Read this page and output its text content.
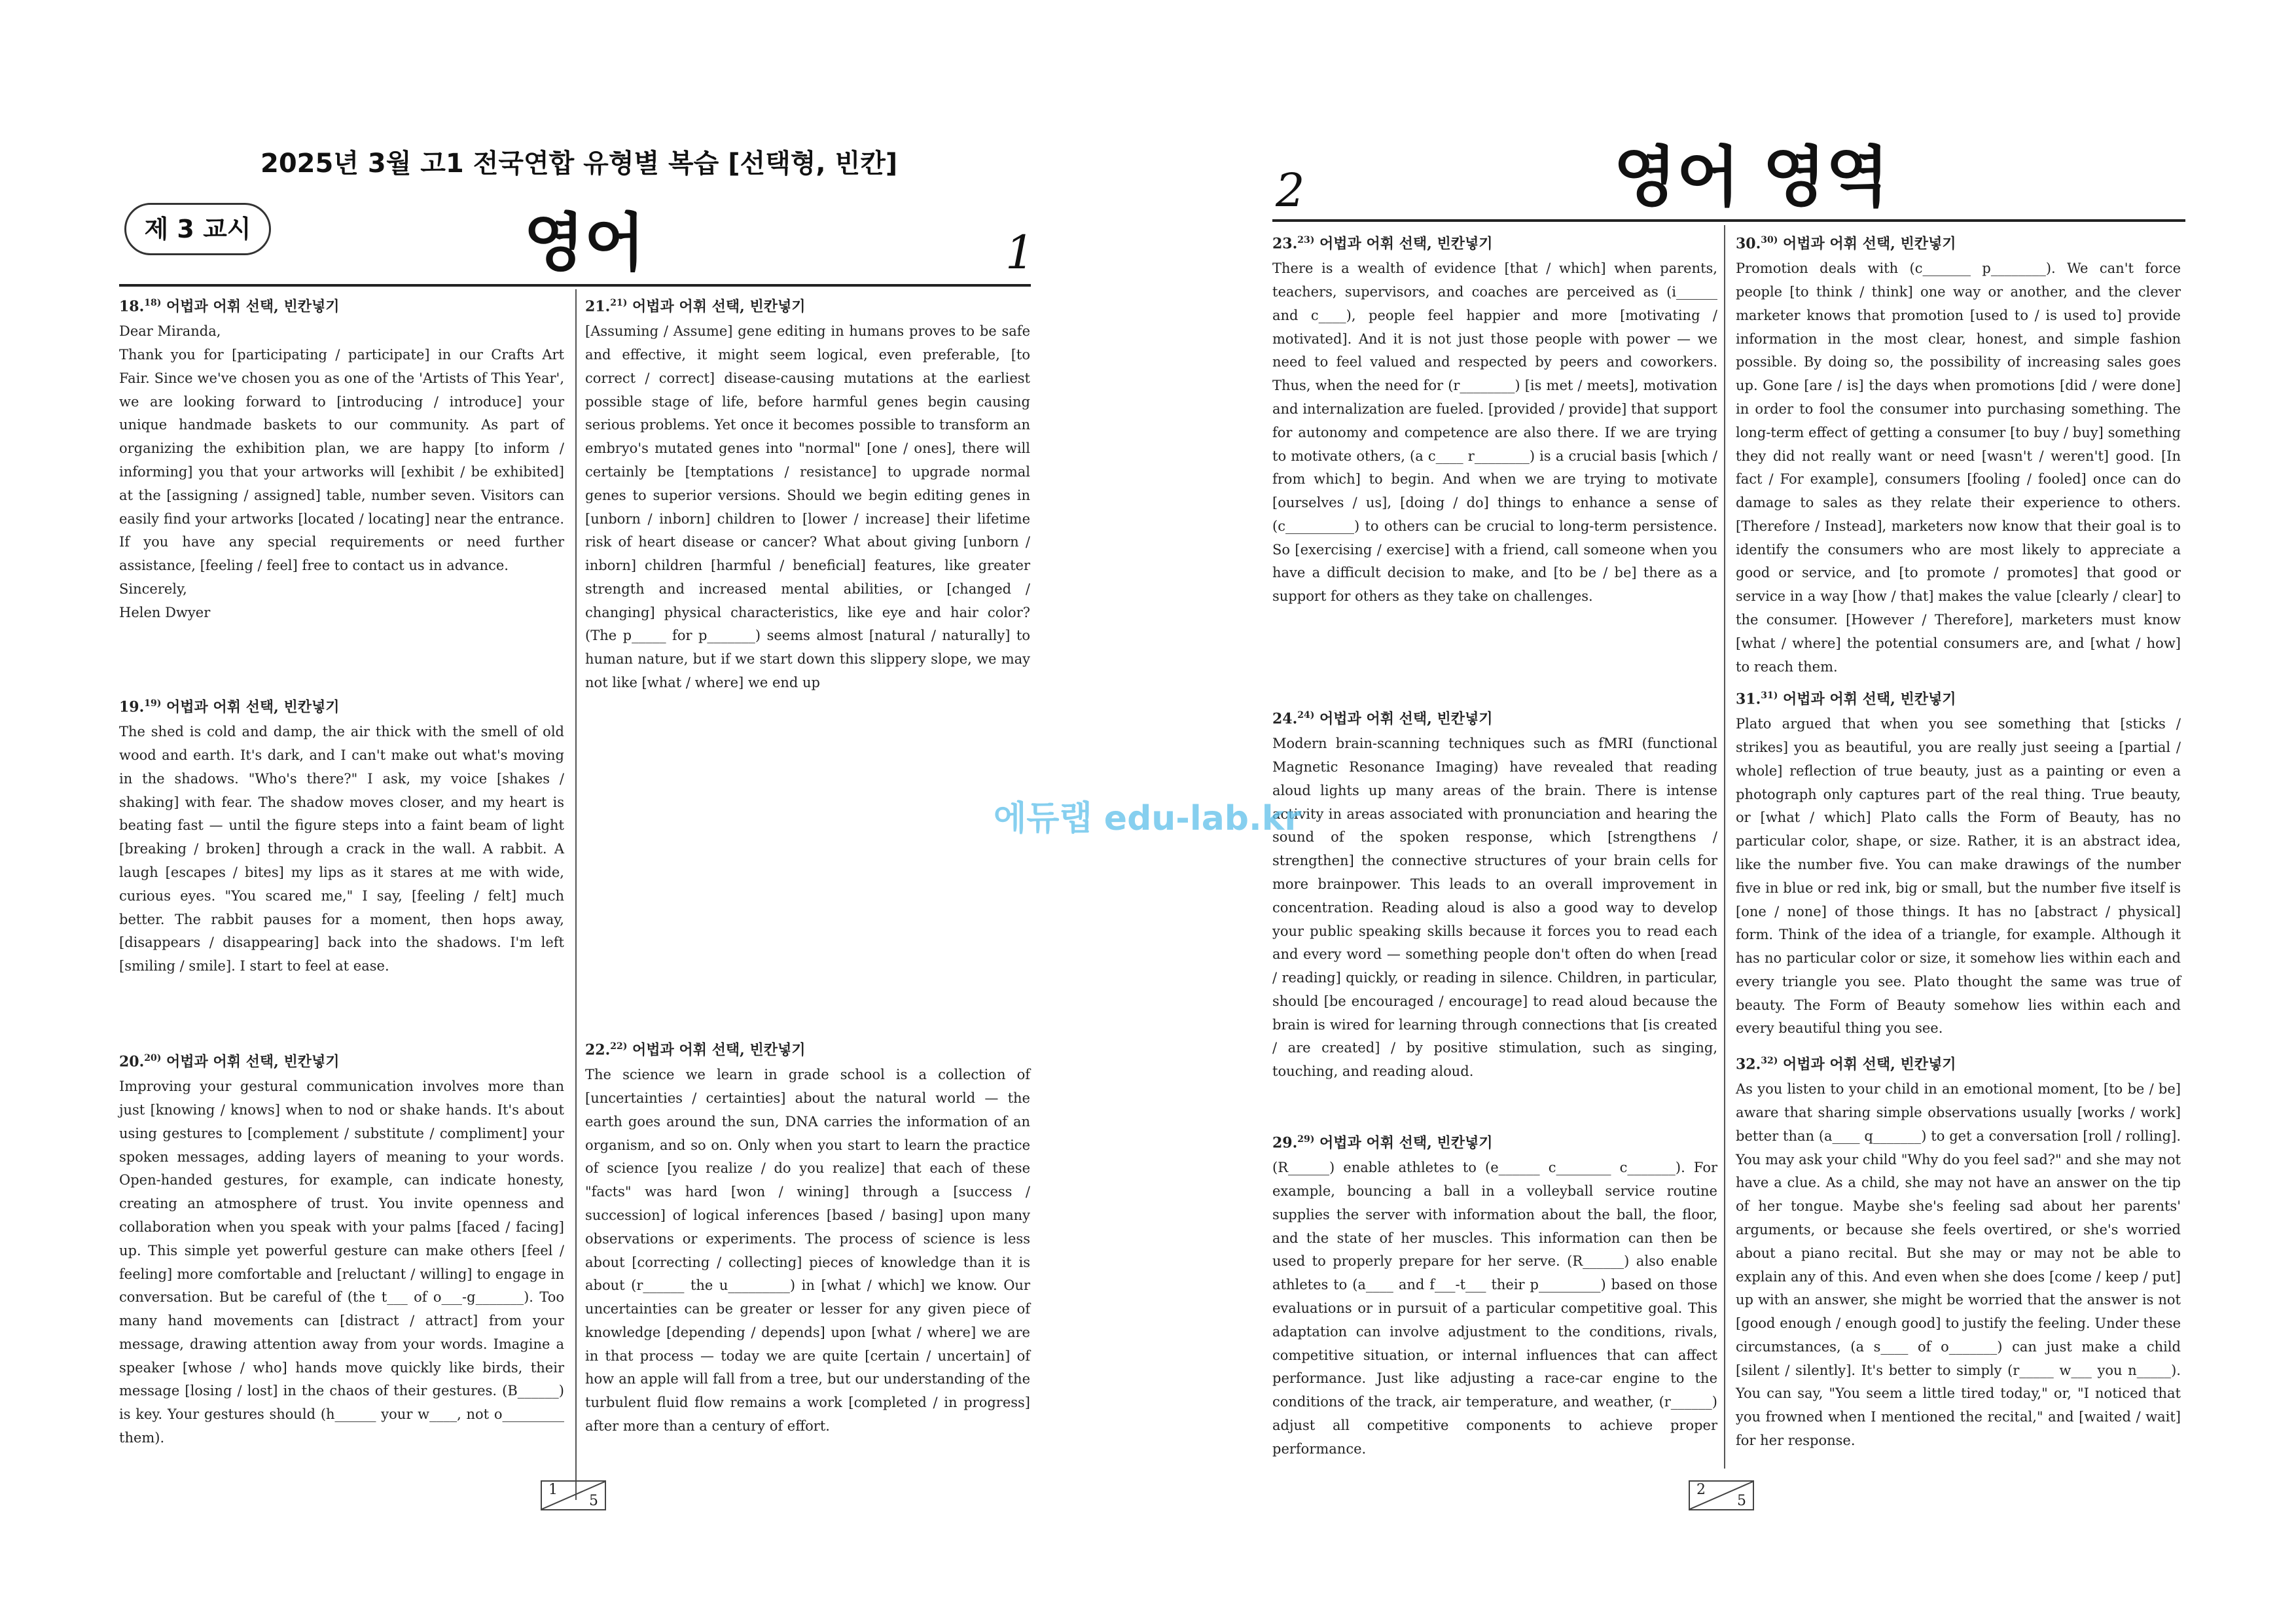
2025년 3월 고1 전국연합 유형별 복습 [선택형, 빈칸]
제 3 교시	영어	1
18.$^{18)}$ 어법과 어휘 선택, 빈칸넣기
Dear Miranda,
Thank you for [participating / participate] in our Crafts Art Fair. Since we've chosen you as one of the 'Artists of This Year', we are looking forward to [introducing / introduce] your unique handmade baskets to our community. As part of organizing the exhibition plan, we are happy [to inform / informing] you that your artworks will [exhibit / be exhibited] at the [assigning / assigned] table, number seven. Visitors can easily find your artworks [located / locating] near the entrance. If you have any special requirements or need further assistance, [feeling / feel] free to contact us in advance.
Sincerely,
Helen Dwyer
19.$^{19)}$ 어법과 어휘 선택, 빈칸넣기
The shed is cold and damp, the air thick with the smell of old wood and earth. It's dark, and I can't make out what's moving in the shadows. "Who's there?" I ask, my voice [shakes / shaking] with fear. The shadow moves closer, and my heart is beating fast — until the figure steps into a faint beam of light [breaking / broken] through a crack in the wall. A rabbit. A laugh [escapes / bites] my lips as it stares at me with wide, curious eyes. "You scared me," I say, [feeling / felt] much better. The rabbit pauses for a moment, then hops away, [disappears / disappearing] back into the shadows. I'm left [smiling / smile]. I start to feel at ease.
20.$^{20)}$ 어법과 어휘 선택, 빈칸넣기
Improving your gestural communication involves more than just [knowing / knows] when to nod or shake hands. It's about using gestures to [complement / substitute / compliment] your spoken messages, adding layers of meaning to your words. Open-handed gestures, for example, can indicate honesty, creating an atmosphere of trust. You invite openness and collaboration when you speak with your palms [faced / facing] up. This simple yet powerful gesture can make others [feel / feeling] more comfortable and [reluctant / willing] to engage in conversation. But be careful of (the t___ of o___-g_______). Too many hand movements can [distract / attract] from your message, drawing attention away from your words. Imagine a speaker [whose / who] hands move quickly like birds, their message [losing / lost] in the chaos of their gestures. (B______) is key. Your gestures should (h______ your w____, not o_________ them).
21.$^{21)}$ 어법과 어휘 선택, 빈칸넣기
[Assuming / Assume] gene editing in humans proves to be safe and effective, it might seem logical, even preferable, [to correct / correct] disease-causing mutations at the earliest possible stage of life, before harmful genes begin causing serious problems. Yet once it becomes possible to transform an embryo's mutated genes into "normal" [one / ones], there will certainly be [temptations / resistance] to upgrade normal genes to superior versions. Should we begin editing genes in [unborn / inborn] children to [lower / increase] their lifetime risk of heart disease or cancer? What about giving [unborn / inborn] children [harmful / beneficial] features, like greater strength and increased mental abilities, or [changed / changing] physical characteristics, like eye and hair color? (The p_____ for p_______) seems almost [natural / naturally] to human nature, but if we start down this slippery slope, we may not like [what / where] we end up
22.$^{22)}$ 어법과 어휘 선택, 빈칸넣기
The science we learn in grade school is a collection of [uncertainties / certainties] about the natural world — the earth goes around the sun, DNA carries the information of an organism, and so on. Only when you start to learn the practice of science [you realize / do you realize] that each of these "facts" was hard [won / wining] through a [success / succession] of logical inferences [based / basing] upon many observations or experiments. The process of science is less about [correcting / collecting] pieces of knowledge than it is about (r______ the u_________) in [what / which] we know. Our uncertainties can be greater or lesser for any given piece of knowledge [depending / depends] upon [what / where] we are in that process — today we are quite [certain / uncertain] of how an apple will fall from a tree, but our understanding of the turbulent fluid flow remains a work [completed / in progress] after more than a century of effort.
1
5
2	영어 영역
23.$^{23)}$ 어법과 어휘 선택, 빈칸넣기
There is a wealth of evidence [that / which] when parents, teachers, supervisors, and coaches are perceived as (i______ and c____), people feel happier and more [motivating / motivated]. And it is not just those people with power — we need to feel valued and respected by peers and coworkers. Thus, when the need for (r________) [is met / meets], motivation and internalization are fueled. [provided / provide] that support for autonomy and competence are also there. If we are trying to motivate others, (a c____ r________) is a crucial basis [which / from which] to begin. And when we are trying to motivate [ourselves / us], [doing / do] things to enhance a sense of (c__________) to others can be crucial to long-term persistence. So [exercising / exercise] with a friend, call someone when you have a difficult decision to make, and [to be / be] there as a support for others as they take on challenges.
24.$^{24)}$ 어법과 어휘 선택, 빈칸넣기
Modern brain-scanning techniques such as fMRI (functional Magnetic Resonance Imaging) have revealed that reading aloud lights up many areas of the brain. There is intense activity in areas associated with pronunciation and hearing the sound of the spoken response, which [strengthens / strengthen] the connective structures of your brain cells for more brainpower. This leads to an overall improvement in concentration. Reading aloud is also a good way to develop your public speaking skills because it forces you to read each and every word — something people don't often do when [read / reading] quickly, or reading in silence. Children, in particular, should [be encouraged / encourage] to read aloud because the brain is wired for learning through connections that [is created / are created] / by positive stimulation, such as singing, touching, and reading aloud.
29.$^{29)}$ 어법과 어휘 선택, 빈칸넣기
(R______) enable athletes to (e______ c________ c_______). For example, bouncing a ball in a volleyball service routine supplies the server with information about the ball, the floor, and the state of her muscles. This information can then be used to properly prepare for her serve. (R______) also enable athletes to (a____ and f___-t___ their p_________) based on those evaluations or in pursuit of a particular competitive goal. This adaptation can involve adjustment to the conditions, rivals, competitive situation, or internal influences that can affect performance. Just like adjusting a race-car engine to the conditions of the track, air temperature, and weather, (r______) adjust all competitive components to achieve proper performance.
30.$^{30)}$ 어법과 어휘 선택, 빈칸넣기
Promotion deals with (c_______ p________). We can't force people [to think / think] one way or another, and the clever marketer knows that promotion [used to / is used to] provide information in the most clear, honest, and simple fashion possible. By doing so, the possibility of increasing sales goes up. Gone [are / is] the days when promotions [did / were done] in order to fool the consumer into purchasing something. The long-term effect of getting a consumer [to buy / buy] something they did not really want or need [wasn't / weren't] good. [In fact / For example], consumers [fooling / fooled] once can do damage to sales as they relate their experience to others. [Therefore / Instead], marketers now know that their goal is to identify the consumers who are most likely to appreciate a good or service, and [to promote / promotes] that good or service in a way [how / that] makes the value [clearly / clear] to the consumer. [However / Therefore], marketers must know [what / where] the potential consumers are, and [what / how] to reach them.
31.$^{31)}$ 어법과 어휘 선택, 빈칸넣기
Plato argued that when you see something that [sticks / strikes] you as beautiful, you are really just seeing a [partial / whole] reflection of true beauty, just as a painting or even a photograph only captures part of the real thing. True beauty, or [what / which] Plato calls the Form of Beauty, has no particular color, shape, or size. Rather, it is an abstract idea, like the number five. You can make drawings of the number five in blue or red ink, big or small, but the number five itself is [one / none] of those things. It has no [abstract / physical] form. Think of the idea of a triangle, for example. Although it has no particular color or size, it somehow lies within each and every triangle you see. Plato thought the same was true of beauty. The Form of Beauty somehow lies within each and every beautiful thing you see.
32.$^{32)}$ 어법과 어휘 선택, 빈칸넣기
As you listen to your child in an emotional moment, [to be / be] aware that sharing simple observations usually [works / work] better than (a____ q_______) to get a conversation [roll / rolling]. You may ask your child "Why do you feel sad?" and she may not have a clue. As a child, she may not have an answer on the tip of her tongue. Maybe she's feeling sad about her parents' arguments, or because she feels overtired, or she's worried about a piano recital. But she may or may not be able to explain any of this. And even when she does [come / keep / put] up with an answer, she might be worried that the answer is not [good enough / enough good] to justify the feeling. Under these circumstances, (a s____ of o_______) can just make a child [silent / silently]. It's better to simply (r_____ w___ you n_____). You can say, "You seem a little tired today," or, "I noticed that you frowned when I mentioned the recital," and [waited / wait] for her response.
2
5
에듀랩 edu-lab.kr
